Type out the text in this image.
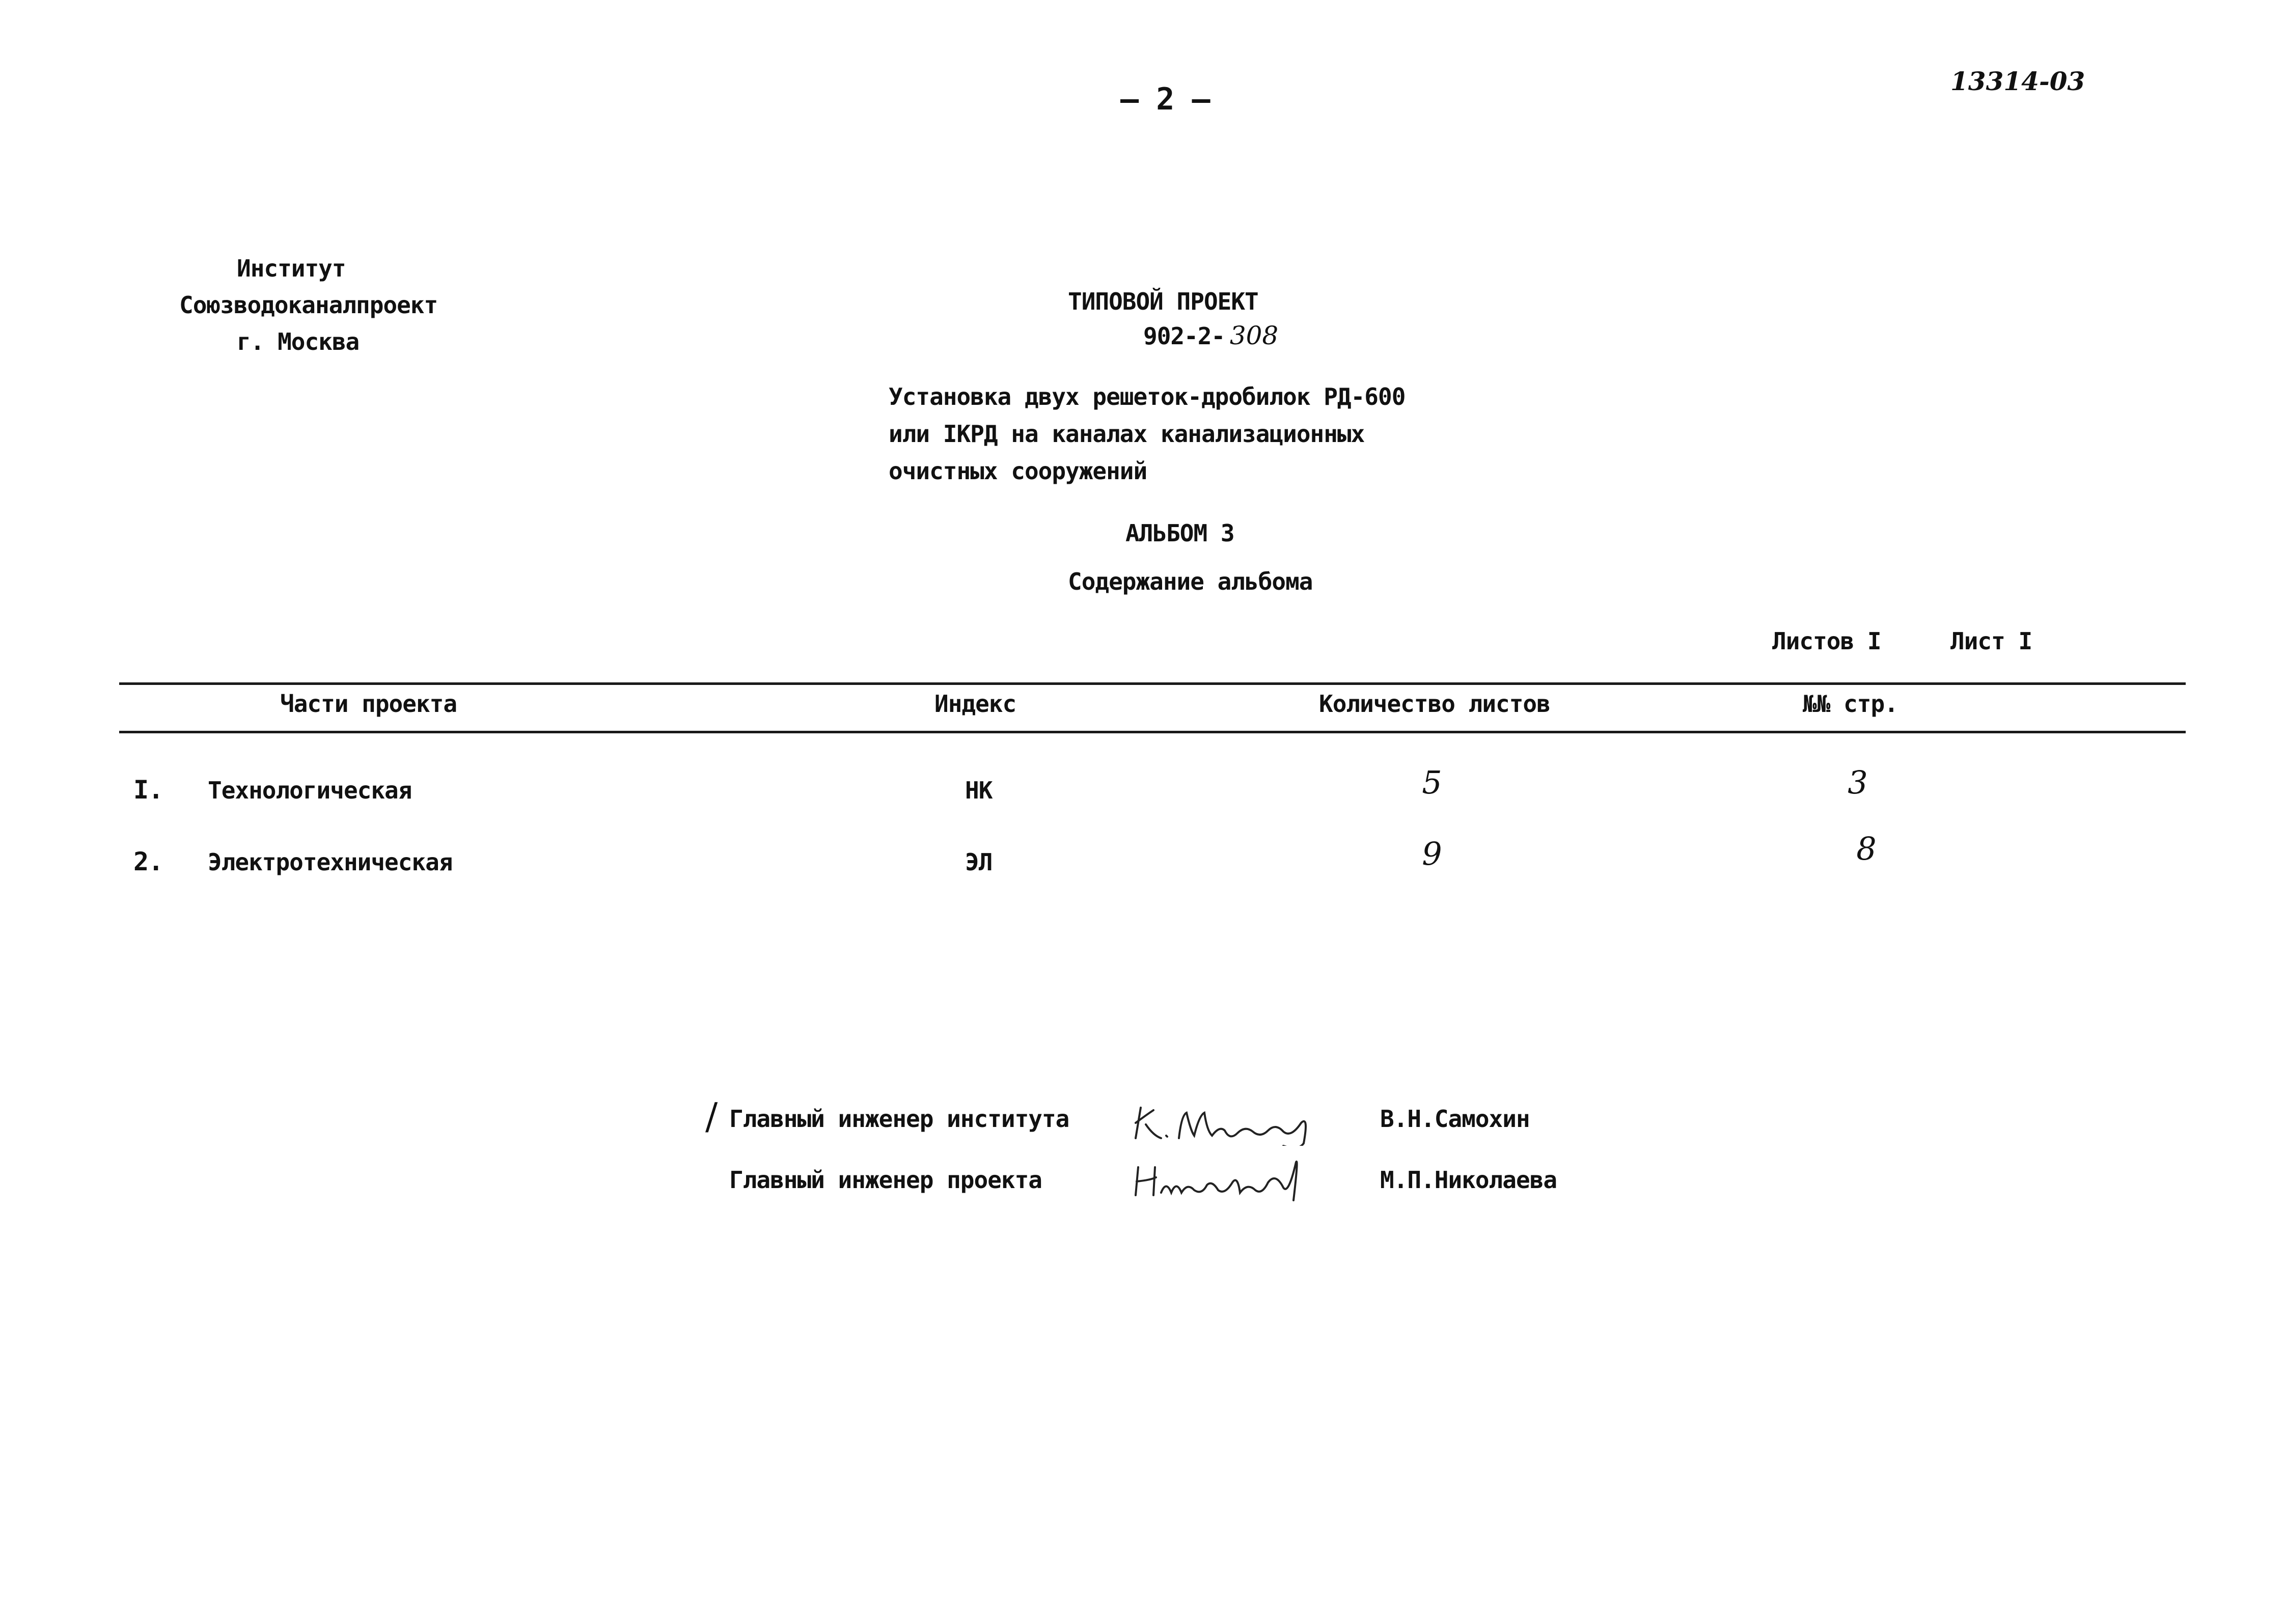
— 2 —
13314-03
Институт
Союзводоканалпроект
г. Москва
ТИПОВОЙ ПРОЕКТ
902-2- 308
Установка двух решеток-дробилок РД-600
или IКРД на каналах канализационных
очистных сооружений
АЛЬБОМ 3
Содержание альбома
Листов I	Лист I
Части проекта	Индекс	Количество листов	№№ стр.
I. Технологическая	НК	5	3
2. Электротехническая	ЭЛ	9	8
/ Главный инженер института	В.Н.Самохин
Главный инженер проекта	М.П.Николаева
